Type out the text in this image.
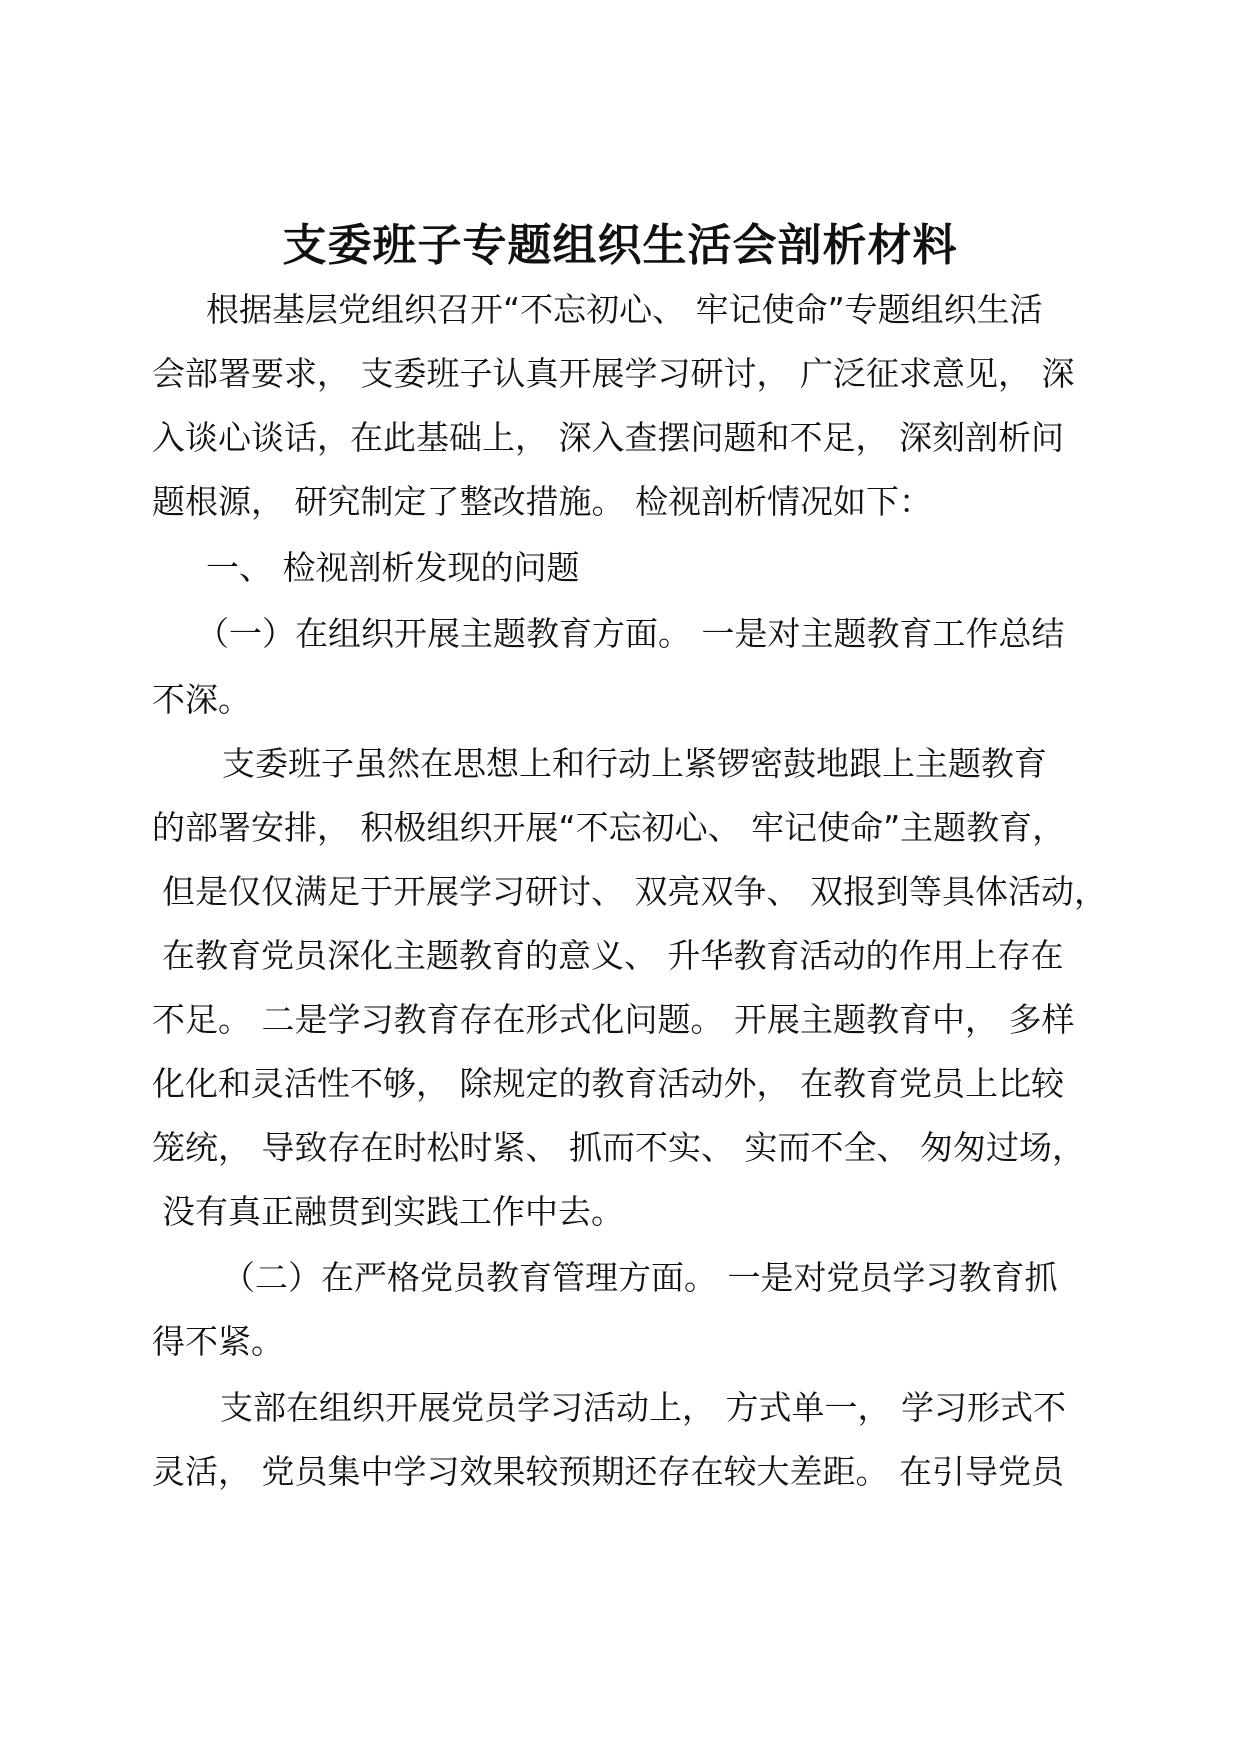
支委班子专题组织生活会剖析材料
根据基层党组织召开“不忘初心、 牢记使命”专题组织生活
会部署要求， 支委班子认真开展学习研讨， 广泛征求意见， 深
入谈心谈话，在此基础上， 深入查摆问题和不足， 深刻剖析问
题根源， 研究制定了整改措施。 检视剖析情况如下：
一、 检视剖析发现的问题
（一）在组织开展主题教育方面。 一是对主题教育工作总结
不深。
支委班子虽然在思想上和行动上紧锣密鼓地跟上主题教育
的部署安排， 积极组织开展“不忘初心、 牢记使命”主题教育，
但是仅仅满足于开展学习研讨、 双亮双争、 双报到等具体活动，
在教育党员深化主题教育的意义、 升华教育活动的作用上存在
不足。 二是学习教育存在形式化问题。 开展主题教育中， 多样
化化和灵活性不够， 除规定的教育活动外， 在教育党员上比较
笼统， 导致存在时松时紧、 抓而不实、 实而不全、 匆匆过场，
没有真正融贯到实践工作中去。
（二）在严格党员教育管理方面。 一是对党员学习教育抓
得不紧。
支部在组织开展党员学习活动上， 方式单一， 学习形式不
灵活， 党员集中学习效果较预期还存在较大差距。 在引导党员
